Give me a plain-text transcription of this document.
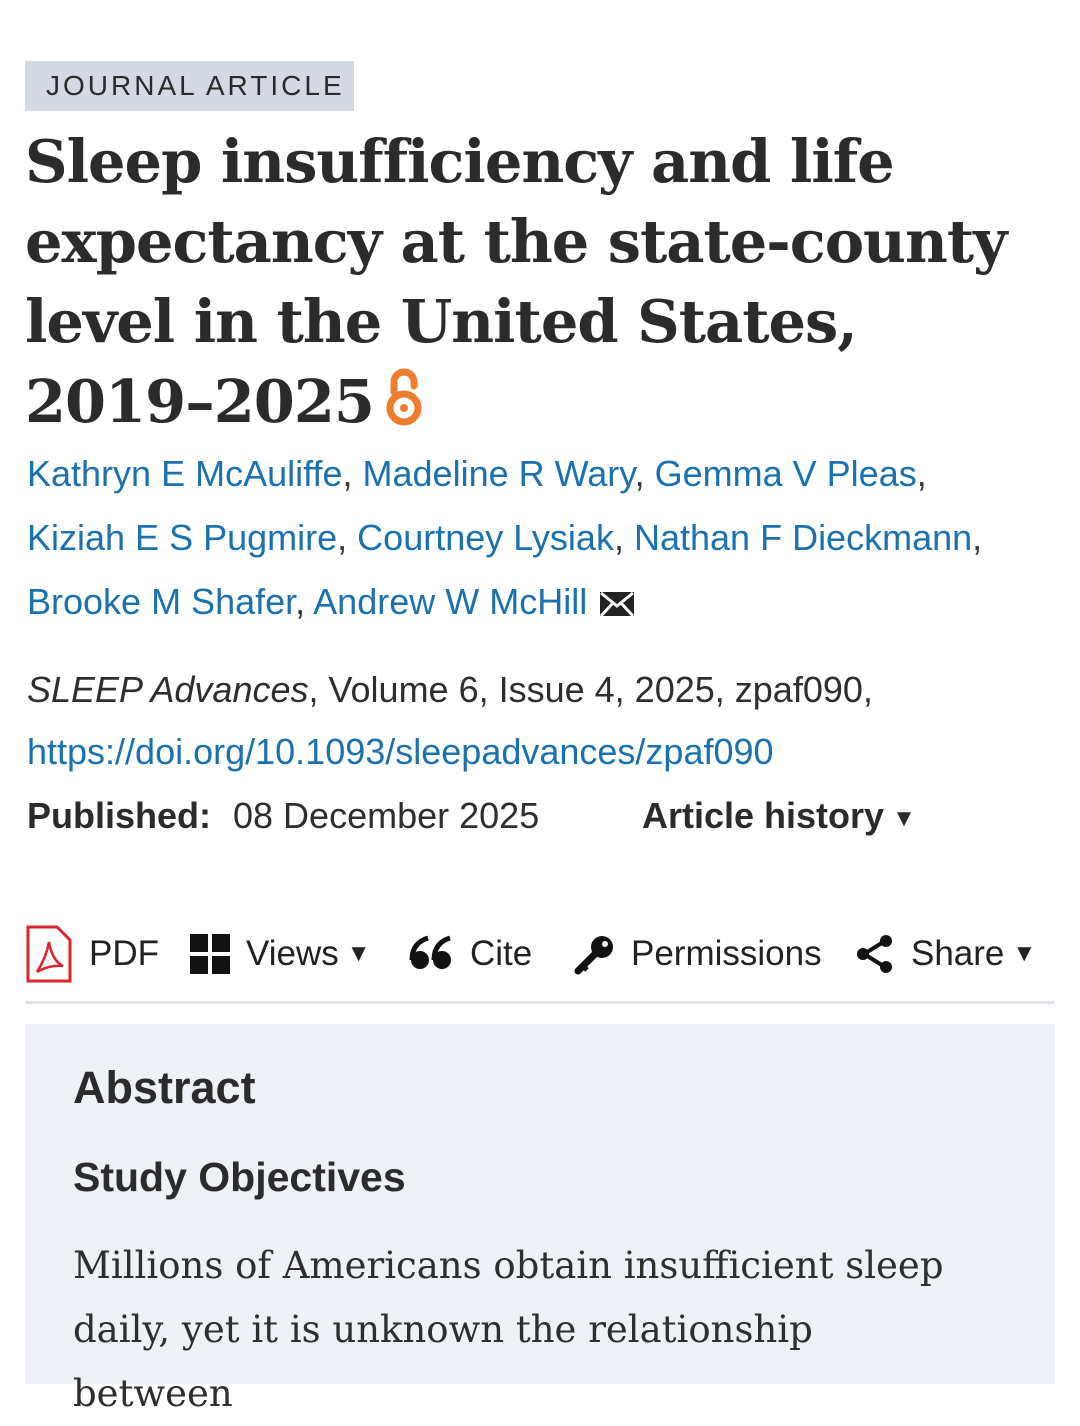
JOURNAL ARTICLE
Sleep insufficiency and life expectancy at the state-county level in the United States, 2019–2025
Kathryn E McAuliffe, Madeline R Wary, Gemma V Pleas,
Kiziah E S Pugmire, Courtney Lysiak, Nathan F Dieckmann,
Brooke M Shafer, Andrew W McHill
SLEEP Advances, Volume 6, Issue 4, 2025, zpaf090,
https://doi.org/10.1093/sleepadvances/zpaf090
Published: 08 December 2025	Article history ▼
PDF Views ▼	Cite	Permissions	Share ▼
Abstract
Study Objectives

Millions of Americans obtain insufficient sleep daily, yet it is unknown the relationship between
